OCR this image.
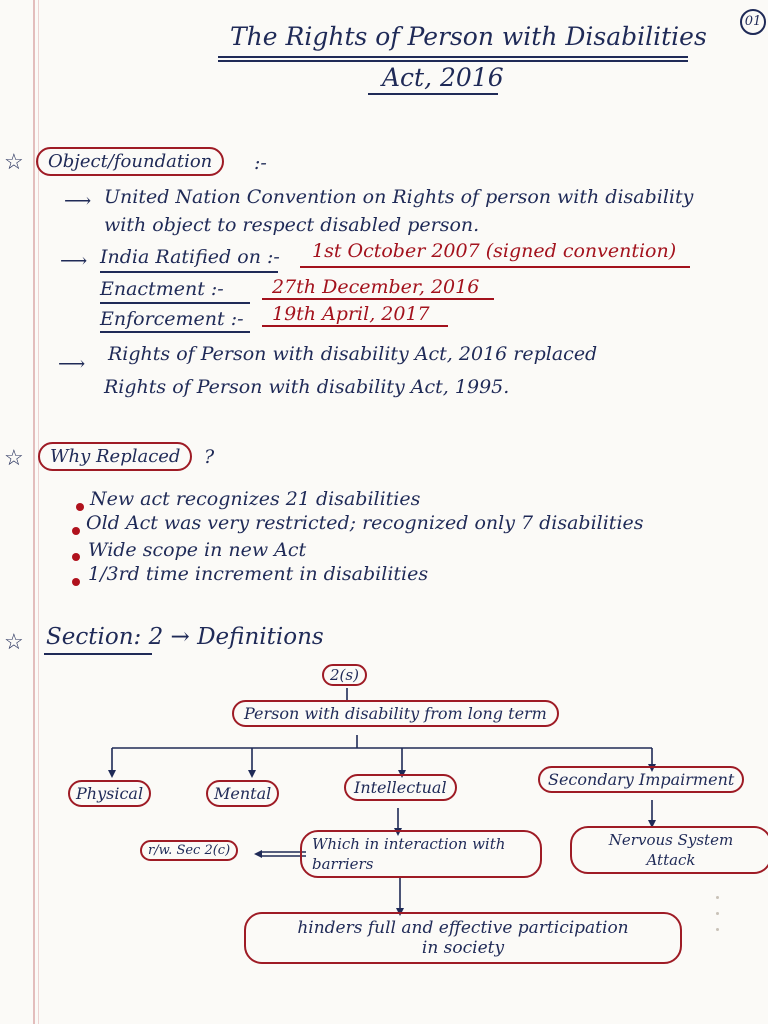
01
The Rights of Person with Disabilities
Act, 2016
☆	Object/foundation	:-
⟶ United Nation Convention on Rights of person with disability
with object to respect disabled person.
⟶ India Ratified on :- 1st October 2007 (signed convention)
Enactment :-	27th December, 2016
Enforcement :- 19th April, 2017
⟶ Rights of Person with disability Act, 2016 replaced
Rights of Person with disability Act, 1995.
☆	Why Replaced	?
New act recognizes 21 disabilities
Old Act was very restricted; recognized only 7 disabilities
Wide scope in new Act
1/3rd time increment in disabilities
☆ Section: 2 → Definitions
2(s)
Person with disability from long term
Physical	Mental	Intellectual	Secondary Impairment
r/w. Sec 2(c)	Which in interaction with barriers
Nervous System Attack
hinders full and effective participation
in society
